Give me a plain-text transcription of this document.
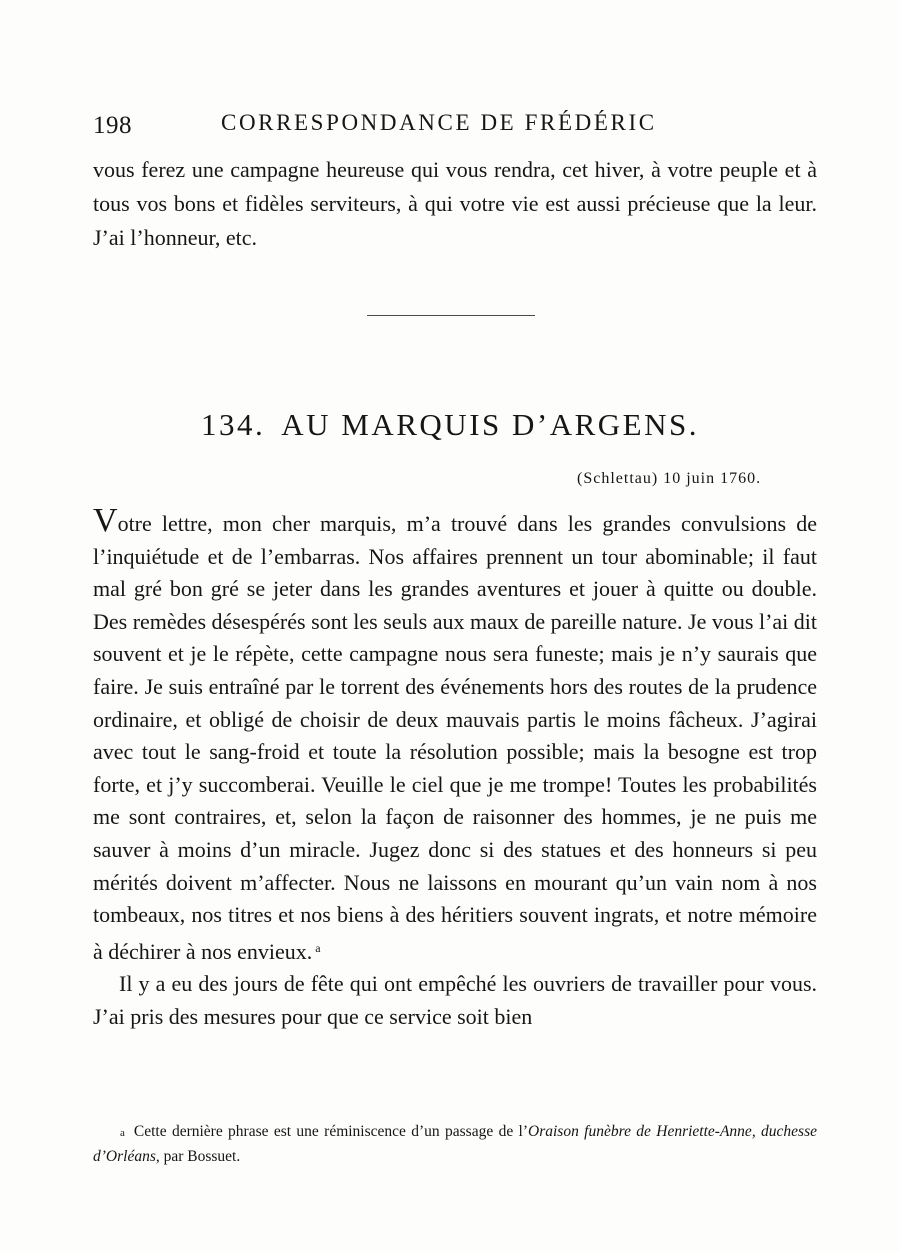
198	CORRESPONDANCE DE FRÉDÉRIC

vous ferez une campagne heureuse qui vous rendra, cet hiver, à votre peuple et à tous vos bons et fidèles serviteurs, à qui votre vie est aussi précieuse que la leur. J’ai l’honneur, etc.

134. AU MARQUIS D’ARGENS.
(Schlettau) 10 juin 1760.

Votre lettre, mon cher marquis, m’a trouvé dans les grandes convulsions de l’inquiétude et de l’embarras. Nos affaires prennent un tour abominable; il faut mal gré bon gré se jeter dans les grandes aventures et jouer à quitte ou double. Des remèdes désespérés sont les seuls aux maux de pareille nature. Je vous l’ai dit souvent et je le répète, cette campagne nous sera funeste; mais je n’y saurais que faire. Je suis entraîné par le torrent des événements hors des routes de la prudence ordinaire, et obligé de choisir de deux mauvais partis le moins fâcheux. J’agirai avec tout le sang-froid et toute la résolution possible; mais la besogne est trop forte, et j’y succomberai. Veuille le ciel que je me trompe! Toutes les probabilités me sont contraires, et, selon la façon de raisonner des hommes, je ne puis me sauver à moins d’un miracle. Jugez donc si des statues et des honneurs si peu mérités doivent m’affecter. Nous ne laissons en mourant qu’un vain nom à nos tombeaux, nos titres et nos biens à des héritiers souvent ingrats, et notre mémoire à déchirer à nos envieux. $^a$

Il y a eu des jours de fête qui ont empêché les ouvriers de travailler pour vous. J’ai pris des mesures pour que ce service soit bien

a Cette dernière phrase est une réminiscence d’un passage de l’Oraison funèbre de Henriette-Anne, duchesse d’Orléans, par Bossuet.
